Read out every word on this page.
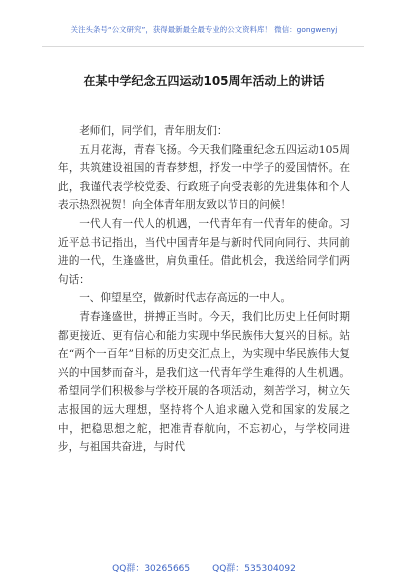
关注头条号“公文研究”，获得最新最全最专业的公文资料库！ 微信：gongwenyj
在某中学纪念五四运动105周年活动上的讲话

老师们，同学们，青年朋友们：

五月花海，青春飞扬。今天我们隆重纪念五四运动105周年，共筑建设祖国的青春梦想，抒发一中学子的爱国情怀。在此，我谨代表学校党委、行政班子向受表彰的先进集体和个人表示热烈祝贺！向全体青年朋友致以节日的问候！

一代人有一代人的机遇，一代青年有一代青年的使命。习近平总书记指出，当代中国青年是与新时代同向同行、共同前进的一代，生逢盛世，肩负重任。借此机会，我送给同学们两句话：

一、仰望星空，做新时代志存高远的一中人。

青春逢盛世，拼搏正当时。今天，我们比历史上任何时期都更接近、更有信心和能力实现中华民族伟大复兴的目标。站在“两个一百年”目标的历史交汇点上，为实现中华民族伟大复兴的中国梦而奋斗，是我们这一代青年学生难得的人生机遇。希望同学们积极参与学校开展的各项活动，刻苦学习，树立矢志报国的远大理想，坚持将个人追求融入党和国家的发展之中，把稳思想之舵，把准青春航向，不忘初心，与学校同进步，与祖国共奋进，与时代

QQ群：30265665 QQ群：535304092
